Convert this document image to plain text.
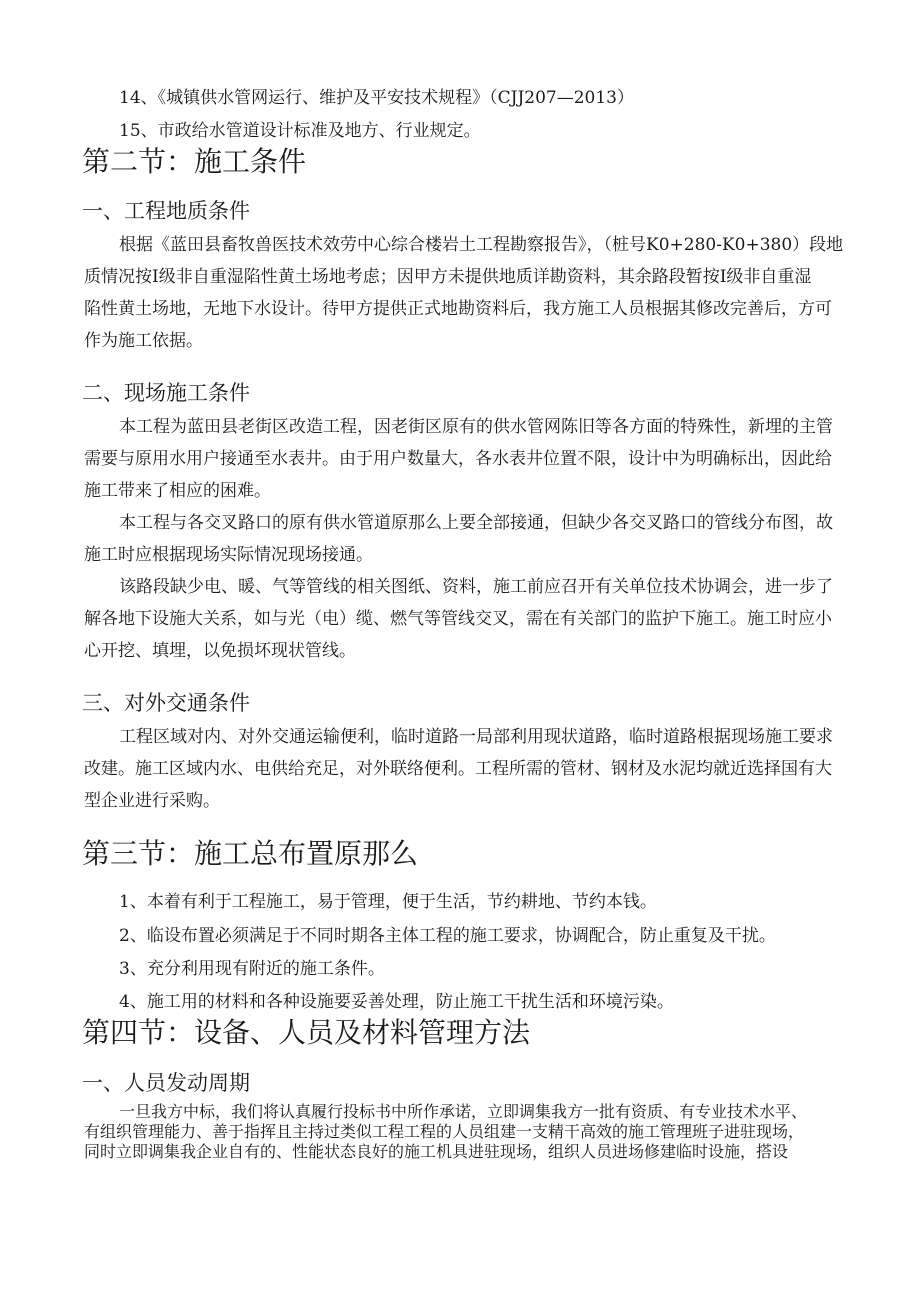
14、《城镇供水管网运行、维护及平安技术规程》（CJJ207—2013）
15、市政给水管道设计标准及地方、行业规定。
第二节：施工条件
一、工程地质条件
根据《蓝田县畜牧兽医技术效劳中心综合楼岩土工程勘察报告》，（桩号K0+280-K0+380）段地
质情况按Ⅰ级非自重湿陷性黄土场地考虑；因甲方未提供地质详勘资料，其余路段暂按Ⅰ级非自重湿
陷性黄土场地，无地下水设计。待甲方提供正式地勘资料后，我方施工人员根据其修改完善后，方可
作为施工依据。
二、现场施工条件
本工程为蓝田县老街区改造工程，因老街区原有的供水管网陈旧等各方面的特殊性，新埋的主管
需要与原用水用户接通至水表井。由于用户数量大，各水表井位置不限，设计中为明确标出，因此给
施工带来了相应的困难。
本工程与各交叉路口的原有供水管道原那么上要全部接通，但缺少各交叉路口的管线分布图，故
施工时应根据现场实际情况现场接通。
该路段缺少电、暖、气等管线的相关图纸、资料，施工前应召开有关单位技术协调会，进一步了
解各地下设施大关系，如与光（电）缆、燃气等管线交叉，需在有关部门的监护下施工。施工时应小
心开挖、填埋，以免损坏现状管线。
三、对外交通条件
工程区域对内、对外交通运输便利，临时道路一局部利用现状道路，临时道路根据现场施工要求
改建。施工区域内水、电供给充足，对外联络便利。工程所需的管材、钢材及水泥均就近选择国有大
型企业进行采购。
第三节：施工总布置原那么
1、本着有利于工程施工，易于管理，便于生活，节约耕地、节约本钱。
2、临设布置必须满足于不同时期各主体工程的施工要求，协调配合，防止重复及干扰。
3、充分利用现有附近的施工条件。
4、施工用的材料和各种设施要妥善处理，防止施工干扰生活和环境污染。
第四节：设备、人员及材料管理方法
一、人员发动周期
一旦我方中标，我们将认真履行投标书中所作承诺，立即调集我方一批有资质、有专业技术水平、
有组织管理能力、善于指挥且主持过类似工程工程的人员组建一支精干高效的施工管理班子进驻现场，
同时立即调集我企业自有的、性能状态良好的施工机具进驻现场，组织人员进场修建临时设施，搭设
